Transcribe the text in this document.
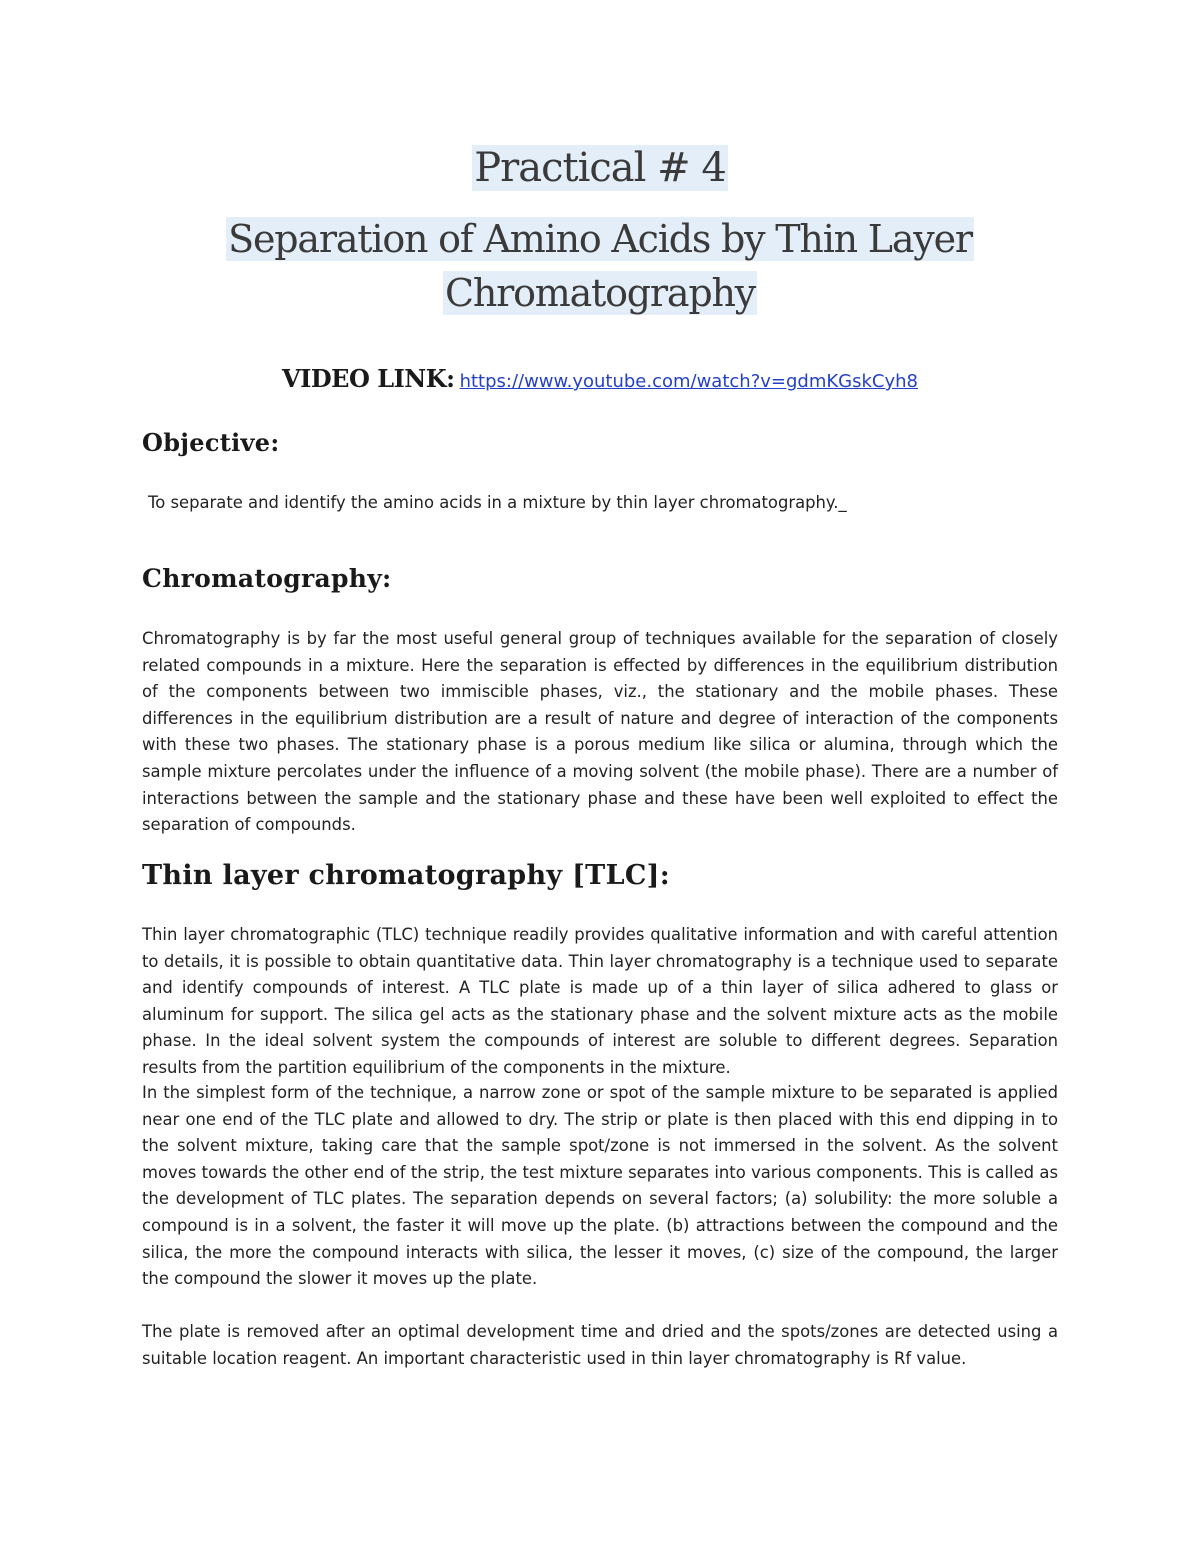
Practical # 4
Separation of Amino Acids by Thin Layer
Chromatography
VIDEO LINK: https://www.youtube.com/watch?v=gdmKGskCyh8
Objective:

To separate and identify the amino acids in a mixture by thin layer chromatography._

Chromatography:

Chromatography is by far the most useful general group of techniques available for the separation of closely related compounds in a mixture. Here the separation is effected by differences in the equilibrium distribution of the components between two immiscible phases, viz., the stationary and the mobile phases. These differences in the equilibrium distribution are a result of nature and degree of interaction of the components with these two phases. The stationary phase is a porous medium like silica or alumina, through which the sample mixture percolates under the influence of a moving solvent (the mobile phase). There are a number of interactions between the sample and the stationary phase and these have been well exploited to effect the separation of compounds.

Thin layer chromatography [TLC]:

Thin layer chromatographic (TLC) technique readily provides qualitative information and with careful attention to details, it is possible to obtain quantitative data. Thin layer chromatography is a technique used to separate and identify compounds of interest. A TLC plate is made up of a thin layer of silica adhered to glass or aluminum for support. The silica gel acts as the stationary phase and the solvent mixture acts as the mobile phase. In the ideal solvent system the compounds of interest are soluble to different degrees. Separation results from the partition equilibrium of the components in the mixture.

In the simplest form of the technique, a narrow zone or spot of the sample mixture to be separated is applied near one end of the TLC plate and allowed to dry. The strip or plate is then placed with this end dipping in to the solvent mixture, taking care that the sample spot/zone is not immersed in the solvent. As the solvent moves towards the other end of the strip, the test mixture separates into various components. This is called as the development of TLC plates. The separation depends on several factors; (a) solubility: the more soluble a compound is in a solvent, the faster it will move up the plate. (b) attractions between the compound and the silica, the more the compound interacts with silica, the lesser it moves, (c) size of the compound, the larger the compound the slower it moves up the plate.

The plate is removed after an optimal development time and dried and the spots/zones are detected using a suitable location reagent. An important characteristic used in thin layer chromatography is Rf value.
